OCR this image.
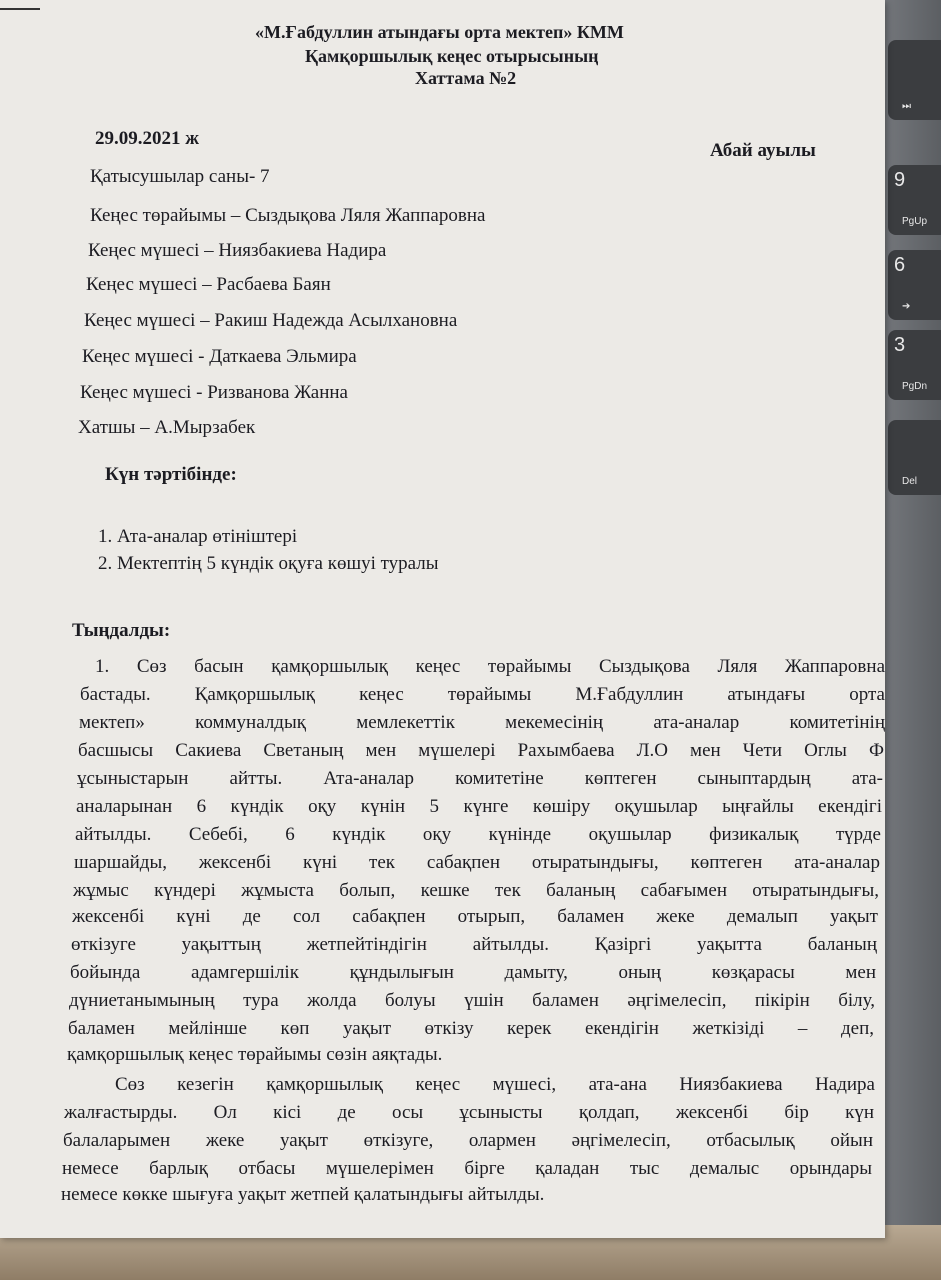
⏭
9
PgUp
6
➔
3
PgDn
Del
«М.Ғабдуллин атындағы орта мектеп» КММ
Қамқоршылық кеңес отырысының
Хаттама №2
29.09.2021 ж
Абай ауылы
Қатысушылар саны- 7
Кеңес төрайымы – Сыздықова Ляля Жаппаровна
Кеңес мүшесі – Ниязбакиева Надира
Кеңес мүшесі – Расбаева Баян
Кеңес мүшесі – Ракиш Надежда Асылхановна
Кеңес мүшесі - Даткаева Эльмира
Кеңес мүшесі - Ризванова Жанна
Хатшы – А.Мырзабек
Күн тәртібінде:
1. Ата-аналар өтініштері
2. Мектептің 5 күндік оқуға көшуі туралы
Тыңдалды:
1. Сөз басын қамқоршылық кеңес төрайымы Сыздықова Ляля Жаппаровна
бастады. Қамқоршылық кеңес төрайымы М.Ғабдуллин атындағы орта
мектеп» коммуналдық мемлекеттік мекемесінің ата-аналар комитетінің
басшысы Сакиева Светаның мен мүшелері Рахымбаева Л.О мен Чети Оглы Ф
ұсыныстарын айтты. Ата-аналар комитетіне көптеген сыныптардың ата-
аналарынан 6 күндік оқу күнін 5 күнге көшіру оқушылар ыңғайлы екендігі
айтылды. Себебі, 6 күндік оқу күнінде оқушылар физикалық түрде
шаршайды, жексенбі күні тек сабақпен отыратындығы, көптеген ата-аналар
жұмыс күндері жұмыста болып, кешке тек баланың сабағымен отыратындығы,
жексенбі күні де сол сабақпен отырып, баламен жеке демалып уақыт
өткізуге уақыттың жетпейтіндігін айтылды. Қазіргі уақытта баланың
бойында адамгершілік құндылығын дамыту, оның көзқарасы мен
дүниетанымының тура жолда болуы үшін баламен әңгімелесіп, пікірін білу,
баламен мейлінше көп уақыт өткізу керек екендігін жеткізіді – деп,
қамқоршылық кеңес төрайымы сөзін аяқтады.
Сөз кезегін қамқоршылық кеңес мүшесі, ата-ана Ниязбакиева Надира
жалғастырды. Ол кісі де осы ұсынысты қолдап, жексенбі бір күн
балаларымен жеке уақыт өткізуге, олармен әңгімелесіп, отбасылық ойын
немесе барлық отбасы мүшелерімен бірге қаладан тыс демалыс орындары
немесе көкке шығуға уақыт жетпей қалатындығы айтылды.
